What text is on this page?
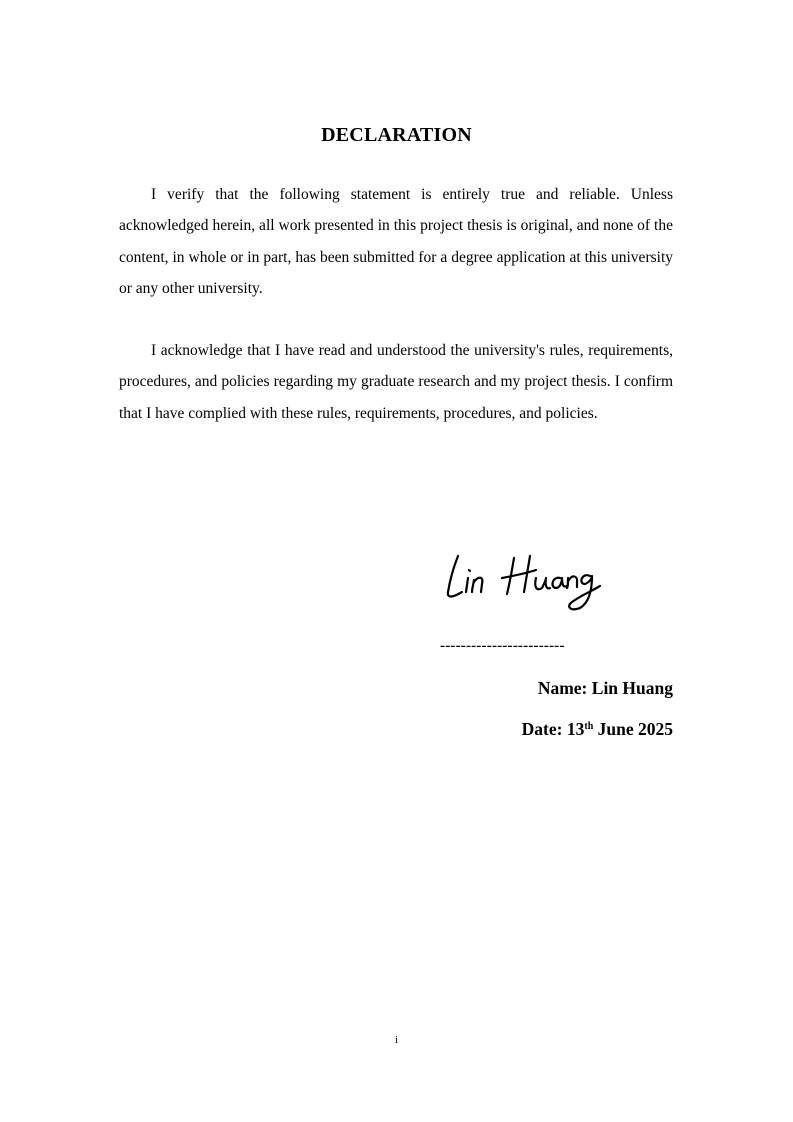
DECLARATION

I verify that the following statement is entirely true and reliable. Unless acknowledged herein, all work presented in this project thesis is original, and none of the content, in whole or in part, has been submitted for a degree application at this university or any other university.

I acknowledge that I have read and understood the university's rules, requirements, procedures, and policies regarding my graduate research and my project thesis. I confirm that I have complied with these rules, requirements, procedures, and policies.

------------------------
Name: Lin Huang
Date: 13th June 2025
i
